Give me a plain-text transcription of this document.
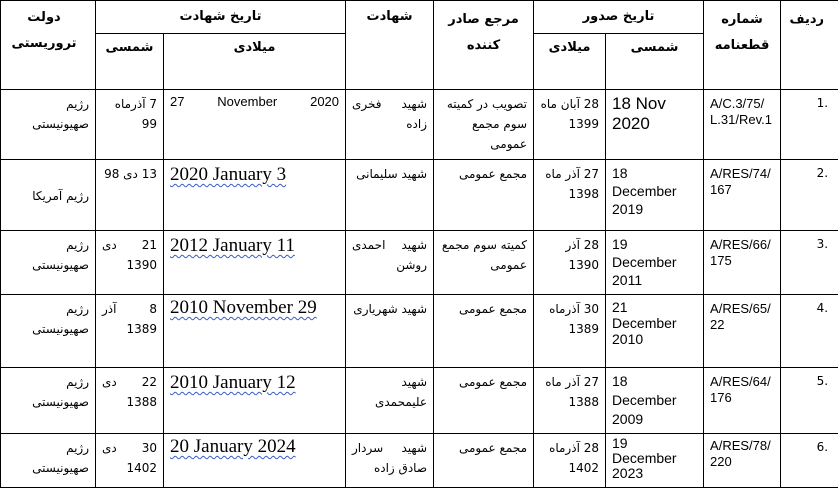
دولت تروریستی	تاریخ شهادت		شهادت	مرجع صادر کننده	تاریخ صدور		شماره قطعنامه	ردیف

	شمسی	میلادی			میلادی	شمسی		

رژیم صهیونیستی	7 آذرماه 99	27 November 2020	شهید فخری زاده	تصویب در کمیته سوم مجمع عمومی	28 آبان ماه 1399	18 Nov 2020	A/C.3/75/L.31/Rev.1	.1

رژیم آمریکا	13 دی 98	2020 January 3	شهید سلیمانی	مجمع عمومی	27 آذر ماه 1398	18 December 2019	A/RES/74/167	.2

رژیم صهیونیستی	21 دی 1390	2012 January 11	شهید احمدی روشن	کمیته سوم مجمع عمومی	28 آذر 1390	19 December 2011	A/RES/66/175	.3

رژیم صهیونیستی	8 آذر 1389	2010 November 29	شهید شهریاری	مجمع عمومی	30 آذرماه 1389	21 December 2010	A/RES/65/22	.4

رژیم صهیونیستی	22 دی 1388	2010 January 12	شهید علیمحمدی	مجمع عمومی	27 آذر ماه 1388	18 December 2009	A/RES/64/176	.5

رژیم صهیونیستی	30 دی 1402	20 January 2024	شهید سردار صادق زاده	مجمع عمومی	28 آذرماه 1402	19 December 2023	A/RES/78/220	.6
